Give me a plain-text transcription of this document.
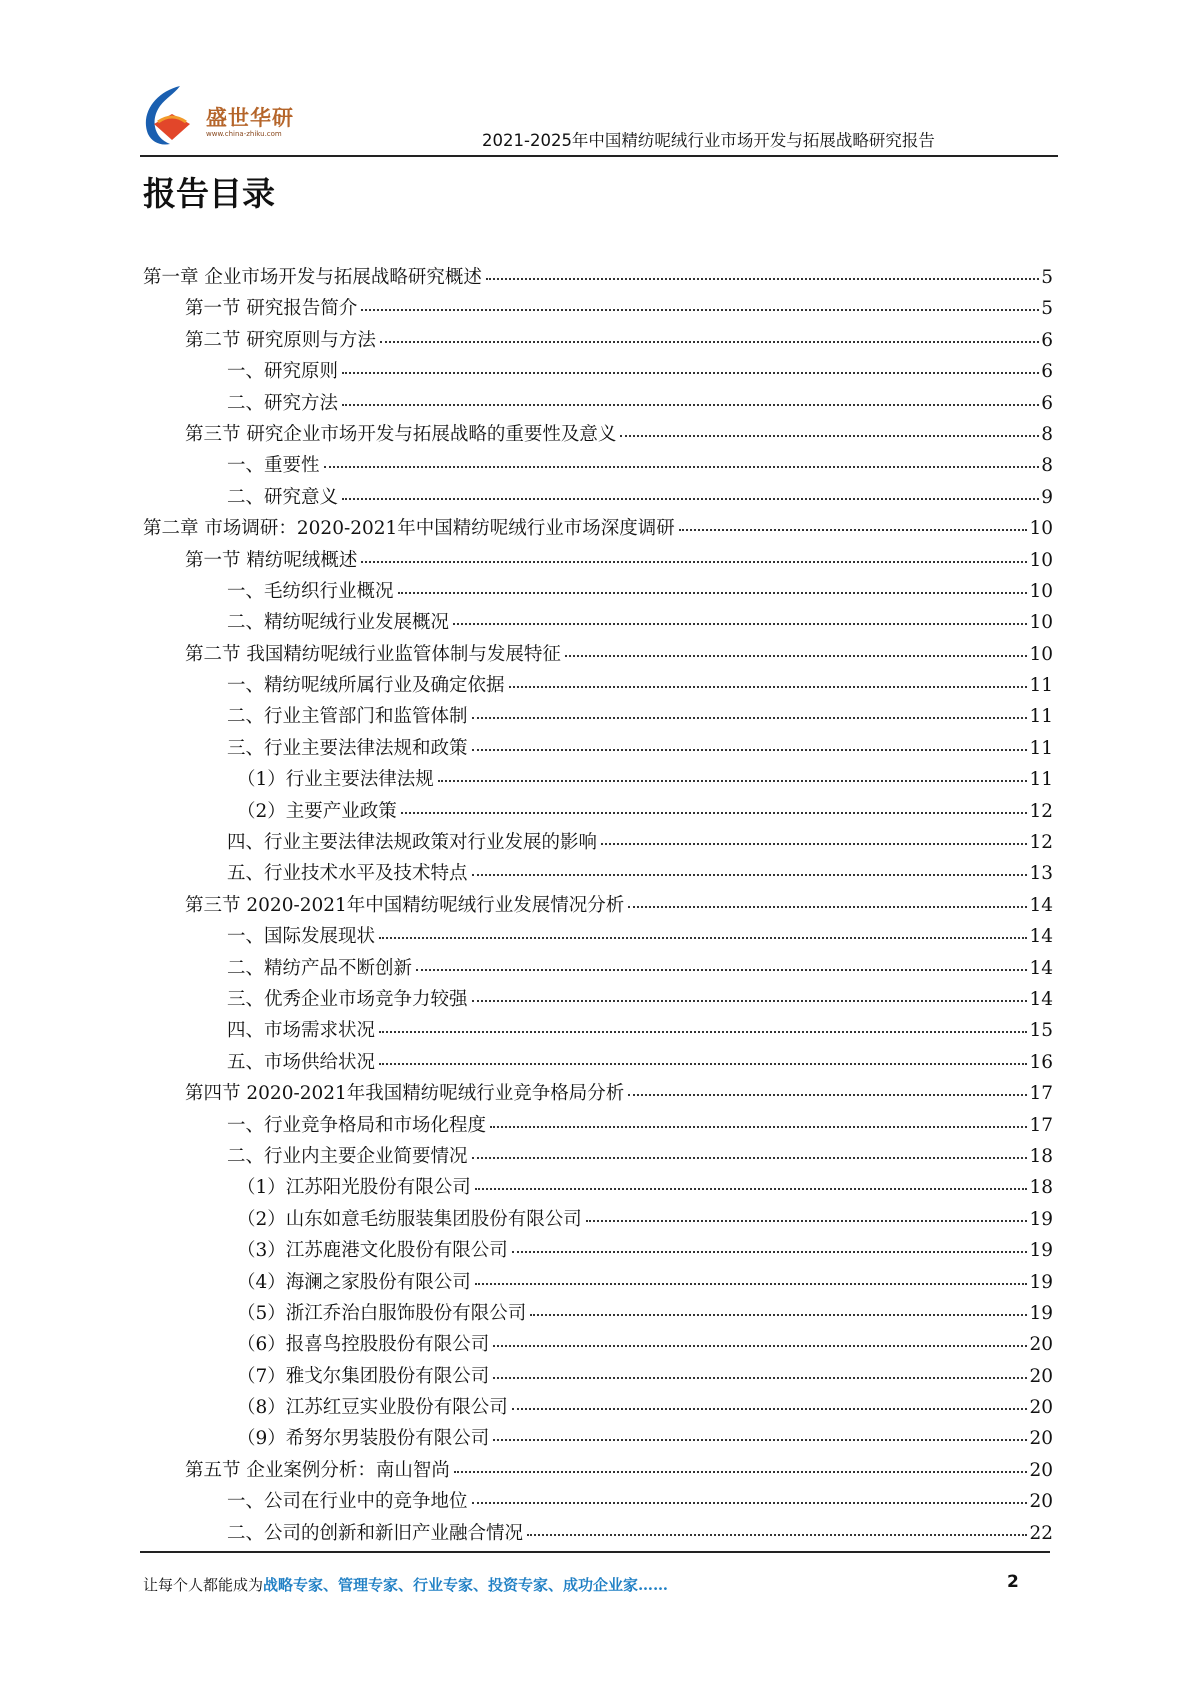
盛世华研
www.china-zhiku.com	2021-2025年中国精纺呢绒行业市场开发与拓展战略研究报告
报告目录
第一章 企业市场开发与拓展战略研究概述	5
第一节 研究报告简介	5
第二节 研究原则与方法	6
一、研究原则	6
二、研究方法	6
第三节 研究企业市场开发与拓展战略的重要性及意义	8
一、重要性	8
二、研究意义	9
第二章 市场调研：2020-2021年中国精纺呢绒行业市场深度调研	10
第一节 精纺呢绒概述	10
一、毛纺织行业概况	10
二、精纺呢绒行业发展概况	10
第二节 我国精纺呢绒行业监管体制与发展特征	10
一、精纺呢绒所属行业及确定依据	11
二、行业主管部门和监管体制	11
三、行业主要法律法规和政策	11
（1）行业主要法律法规	11
（2）主要产业政策	12
四、行业主要法律法规政策对行业发展的影响	12
五、行业技术水平及技术特点	13
第三节 2020-2021年中国精纺呢绒行业发展情况分析	14
一、国际发展现状	14
二、精纺产品不断创新	14
三、优秀企业市场竞争力较强	14
四、市场需求状况	15
五、市场供给状况	16
第四节 2020-2021年我国精纺呢绒行业竞争格局分析	17
一、行业竞争格局和市场化程度	17
二、行业内主要企业简要情况	18
（1）江苏阳光股份有限公司	18
（2）山东如意毛纺服装集团股份有限公司	19
（3）江苏鹿港文化股份有限公司	19
（4）海澜之家股份有限公司	19
（5）浙江乔治白服饰股份有限公司	19
（6）报喜鸟控股股份有限公司	20
（7）雅戈尔集团股份有限公司	20
（8）江苏红豆实业股份有限公司	20
（9）希努尔男装股份有限公司	20
第五节 企业案例分析：南山智尚	20
一、公司在行业中的竞争地位	20
二、公司的创新和新旧产业融合情况	22
让每个人都能成为战略专家、管理专家、行业专家、投资专家、成功企业家……	2
